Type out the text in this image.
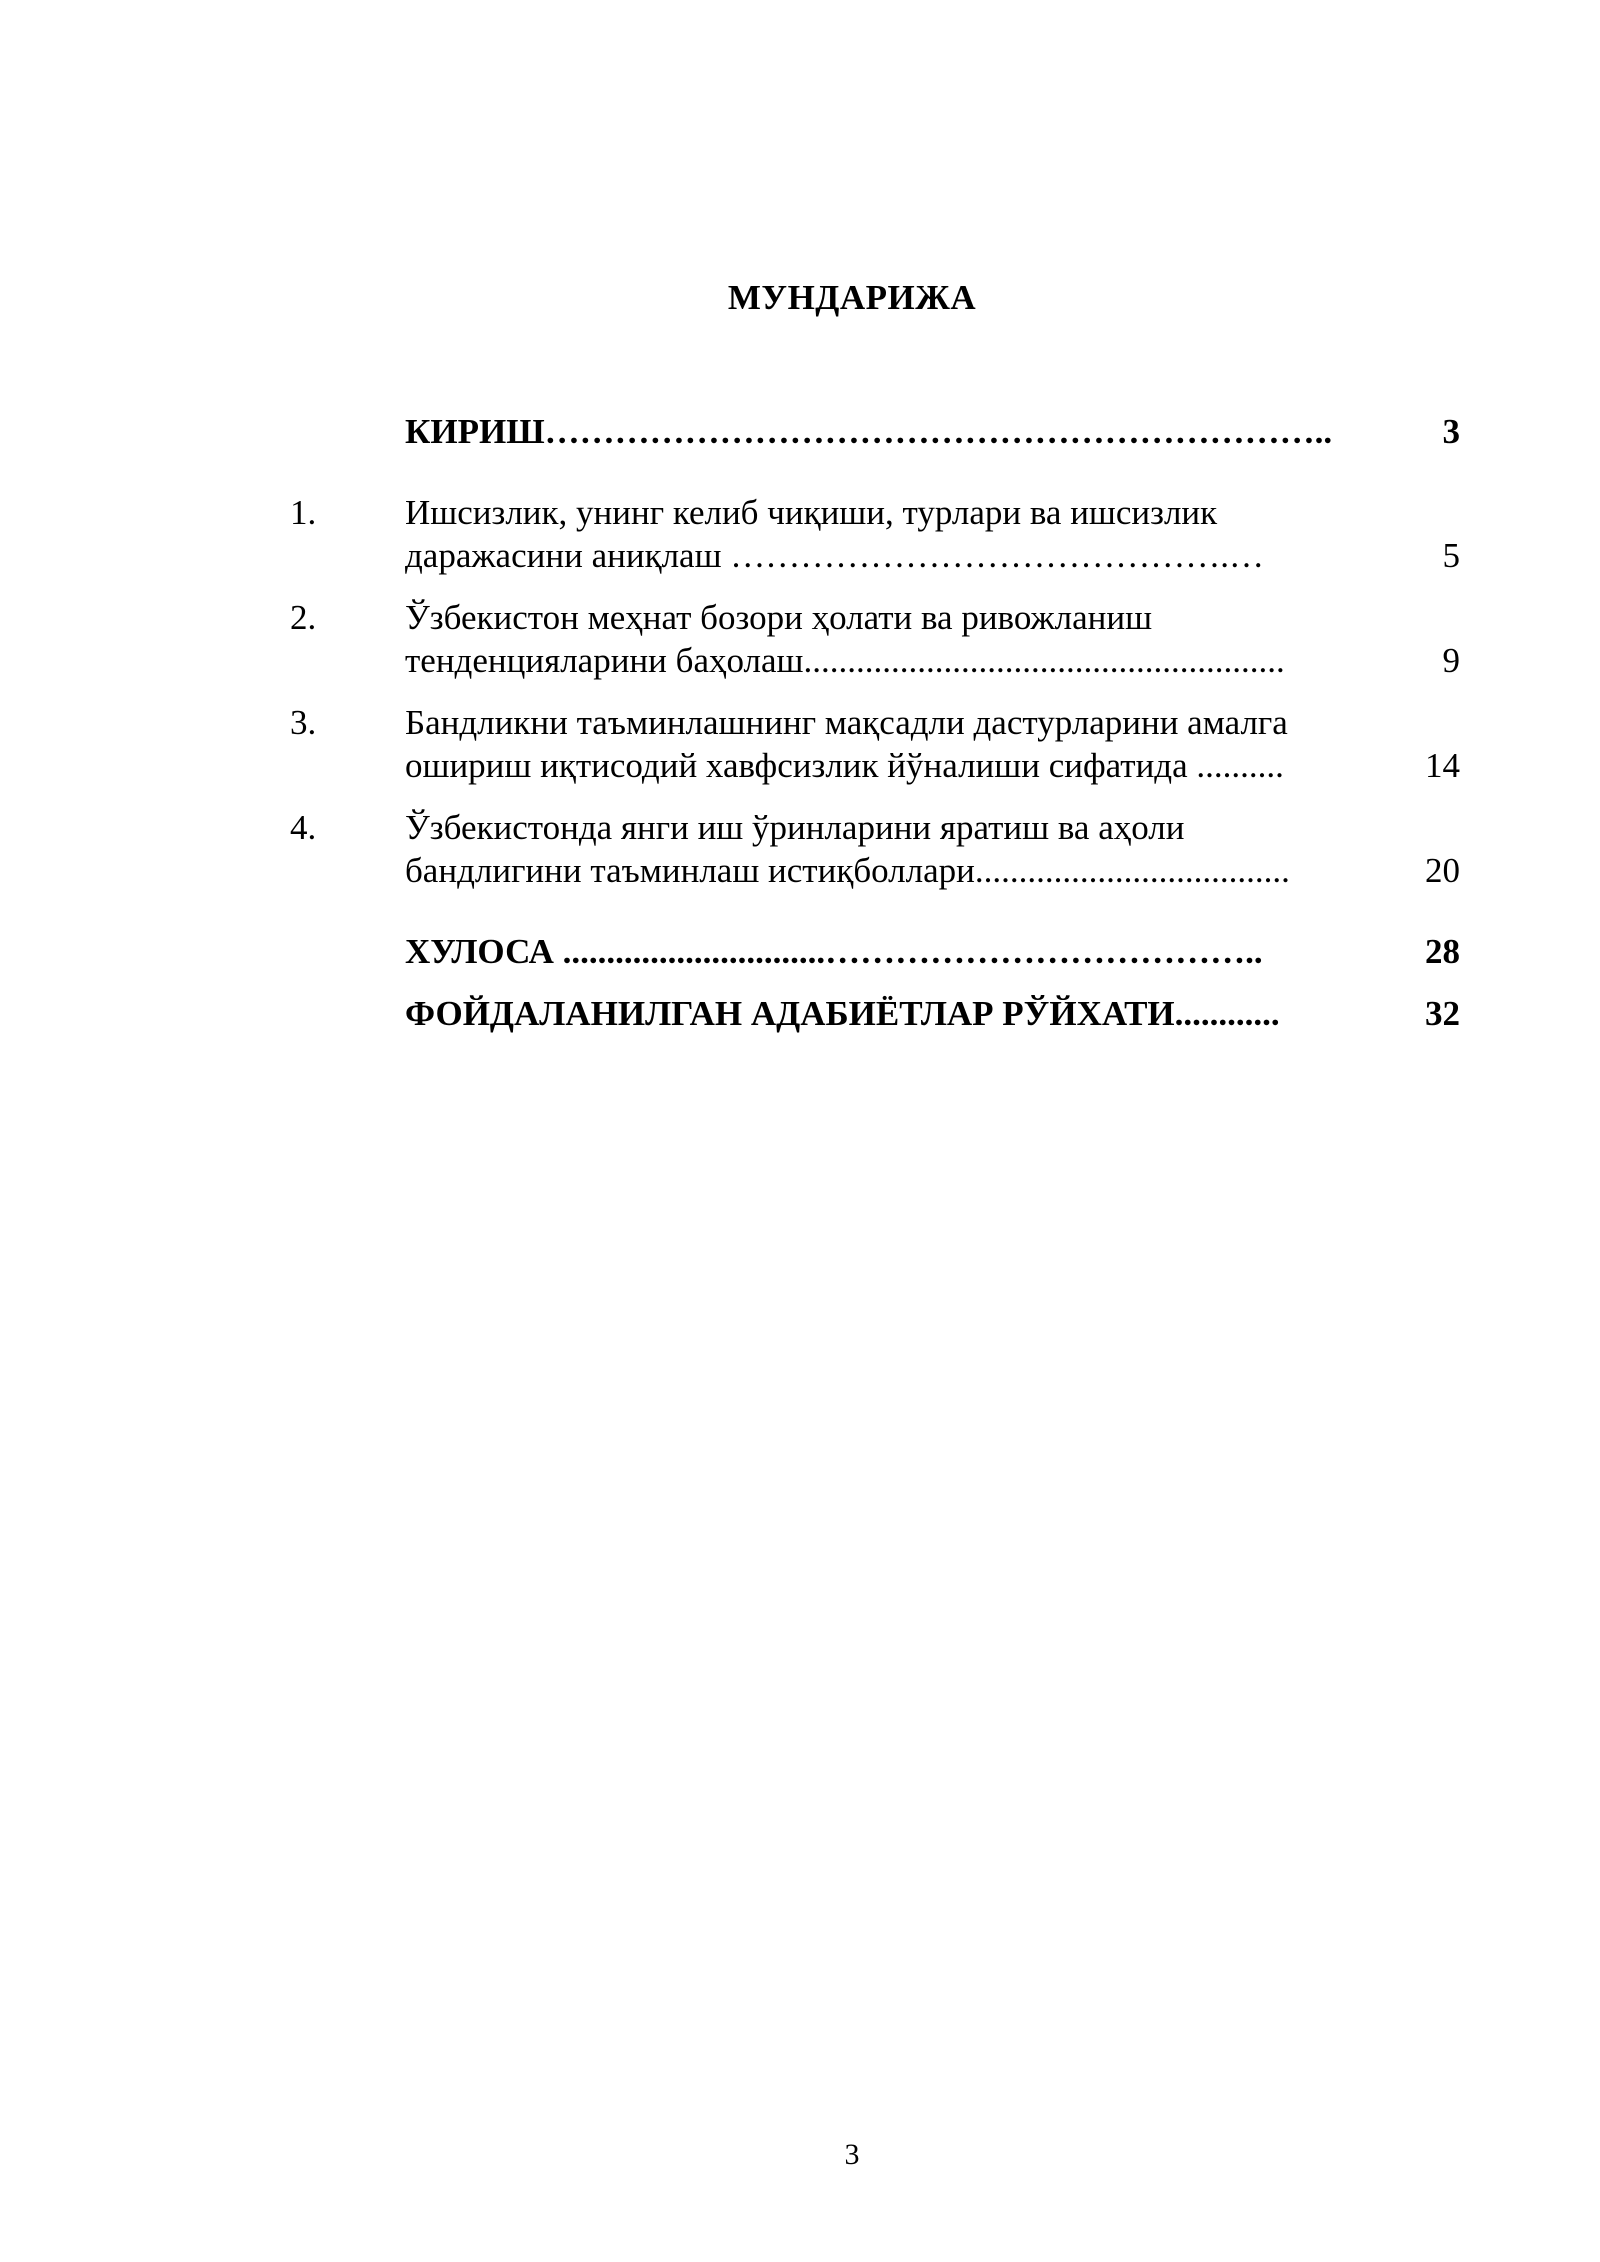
МУНДАРИЖА
КИРИШ…………………………………………………………..	3
1.	Ишсизлик, унинг келиб чиқиши, турлари ва ишсизлик
даражасини аниқлаш …………………………………….…	5
2.	Ўзбекистон меҳнат бозори ҳолати ва ривожланиш
тенденцияларини баҳолаш.......................................................	9
3.	Бандликни таъминлашнинг мақсадли дастурларини амалга
ошириш иқтисодий хавфсизлик йўналиши сифатида ..........	14
4.	Ўзбекистонда янги иш ўринларини яратиш ва аҳоли
бандлигини таъминлаш истиқболлари....................................	20
ХУЛОСА ..............................………………………………..	28
ФОЙДАЛАНИЛГАН АДАБИЁТЛАР РЎЙХАТИ............	32
3
